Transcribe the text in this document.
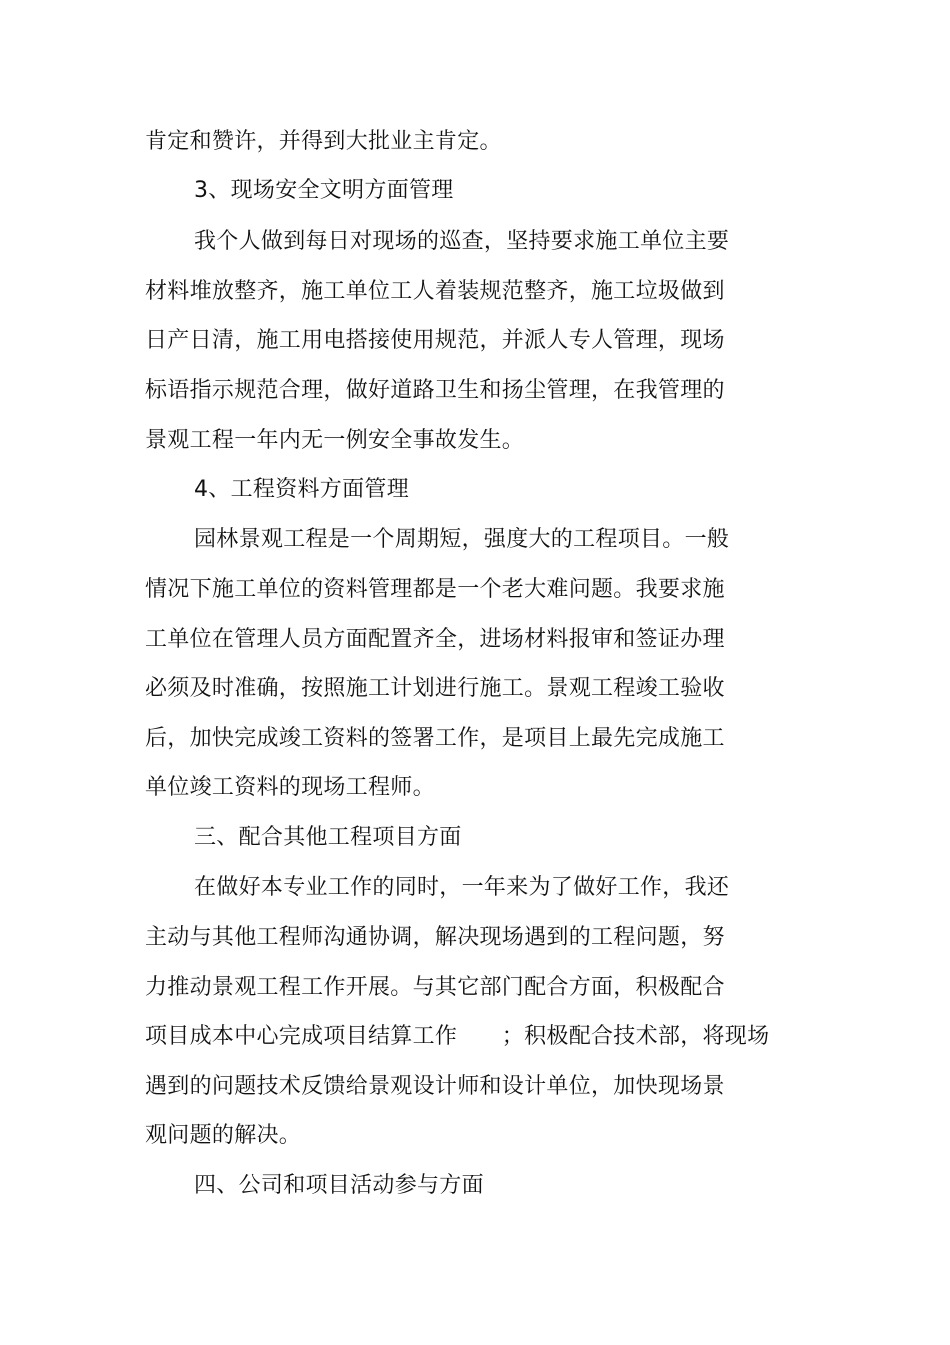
肯定和赞许，并得到大批业主肯定。
3、现场安全文明方面管理
我个人做到每日对现场的巡查，坚持要求施工单位主要
材料堆放整齐，施工单位工人着装规范整齐，施工垃圾做到
日产日清，施工用电搭接使用规范，并派人专人管理，现场
标语指示规范合理，做好道路卫生和扬尘管理，在我管理的
景观工程一年内无一例安全事故发生。
4、工程资料方面管理
园林景观工程是一个周期短，强度大的工程项目。一般
情况下施工单位的资料管理都是一个老大难问题。我要求施
工单位在管理人员方面配置齐全，进场材料报审和签证办理
必须及时准确，按照施工计划进行施工。景观工程竣工验收
后，加快完成竣工资料的签署工作，是项目上最先完成施工
单位竣工资料的现场工程师。
三、配合其他工程项目方面
在做好本专业工作的同时，一年来为了做好工作，我还
主动与其他工程师沟通协调，解决现场遇到的工程问题，努
力推动景观工程工作开展。与其它部门配合方面，积极配合
项目成本中心完成项目结算工作　　；积极配合技术部，将现场
遇到的问题技术反馈给景观设计师和设计单位，加快现场景
观问题的解决。
四、公司和项目活动参与方面
